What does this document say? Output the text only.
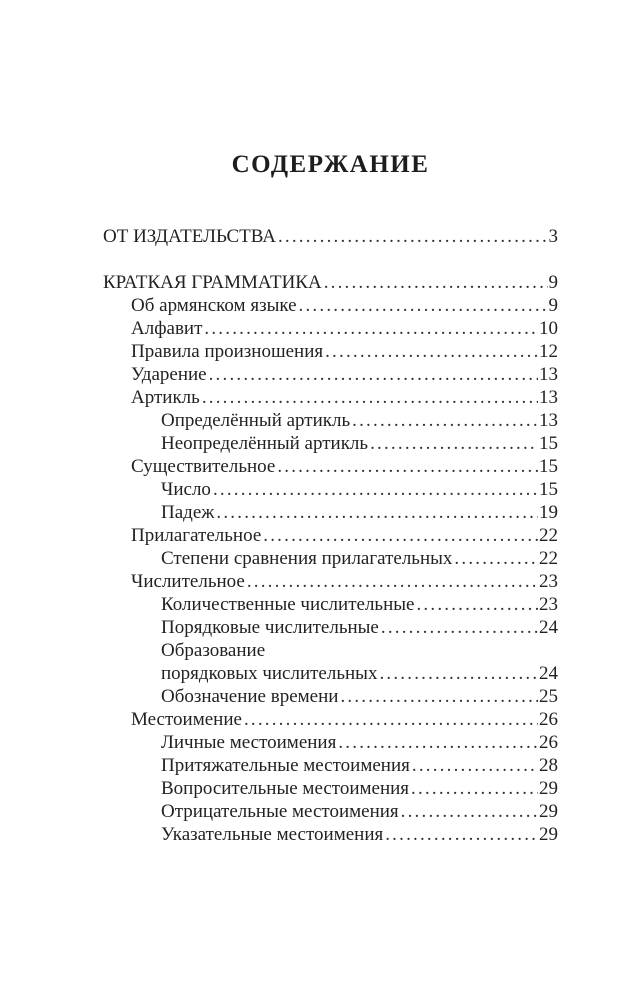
СОДЕРЖАНИЕ
ОТ ИЗДАТЕЛЬСТВА .....	3
КРАТКАЯ ГРАММАТИКА .....	9
Об армянском языке .....	9
Алфавит .....	10
Правила произношения .....	12
Ударение .....	13
Артикль .....	13
Определённый артикль .....	13
Неопределённый артикль .....	15
Существительное .....	15
Число .....	15
Падеж .....	19
Прилагательное .....	22
Степени сравнения прилагательных .....	22
Числительное .....	23
Количественные числительные .....	23
Порядковые числительные .....	24
Образование
порядковых числительных .....	24
Обозначение времени .....	25
Местоимение .....	26
Личные местоимения .....	26
Притяжательные местоимения .....	28
Вопросительные местоимения .....	29
Отрицательные местоимения .....	29
Указательные местоимения .....	29
